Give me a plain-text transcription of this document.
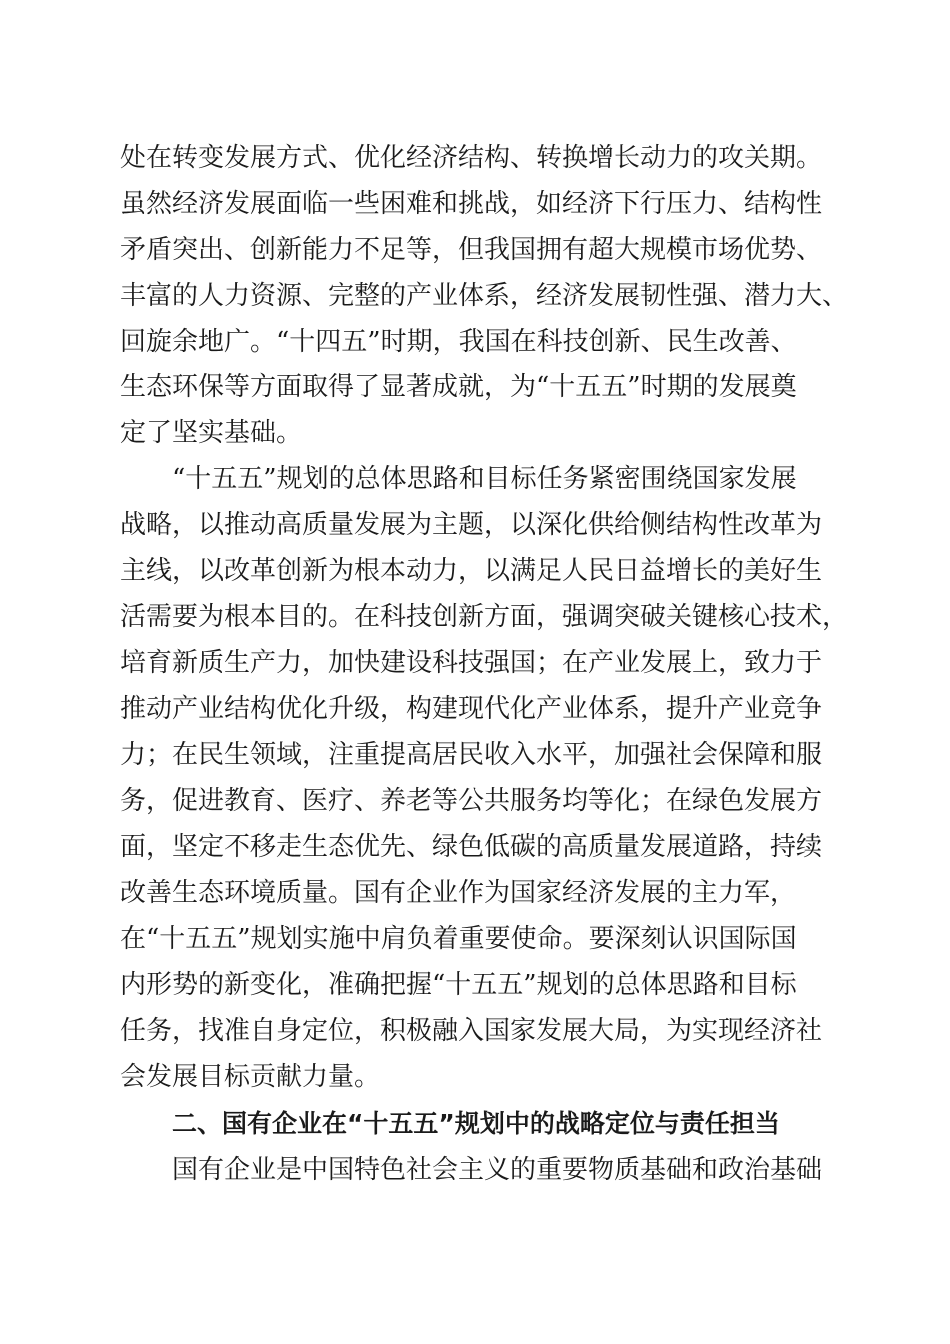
处在转变发展方式、优化经济结构、转换增长动力的攻关期。
虽然经济发展面临一些困难和挑战，如经济下行压力、结构性
矛盾突出、创新能力不足等，但我国拥有超大规模市场优势、
丰富的人力资源、完整的产业体系，经济发展韧性强、潜力大、
回旋余地广。“十四五”时期，我国在科技创新、民生改善、
生态环保等方面取得了显著成就，为“十五五”时期的发展奠
定了坚实基础。
“十五五”规划的总体思路和目标任务紧密围绕国家发展
战略，以推动高质量发展为主题，以深化供给侧结构性改革为
主线，以改革创新为根本动力，以满足人民日益增长的美好生
活需要为根本目的。在科技创新方面，强调突破关键核心技术，
培育新质生产力，加快建设科技强国；在产业发展上，致力于
推动产业结构优化升级，构建现代化产业体系，提升产业竞争
力；在民生领域，注重提高居民收入水平，加强社会保障和服
务，促进教育、医疗、养老等公共服务均等化；在绿色发展方
面，坚定不移走生态优先、绿色低碳的高质量发展道路，持续
改善生态环境质量。国有企业作为国家经济发展的主力军，
在“十五五”规划实施中肩负着重要使命。要深刻认识国际国
内形势的新变化，准确把握“十五五”规划的总体思路和目标
任务，找准自身定位，积极融入国家发展大局，为实现经济社
会发展目标贡献力量。
二、国有企业在“十五五”规划中的战略定位与责任担当
国有企业是中国特色社会主义的重要物质基础和政治基础
